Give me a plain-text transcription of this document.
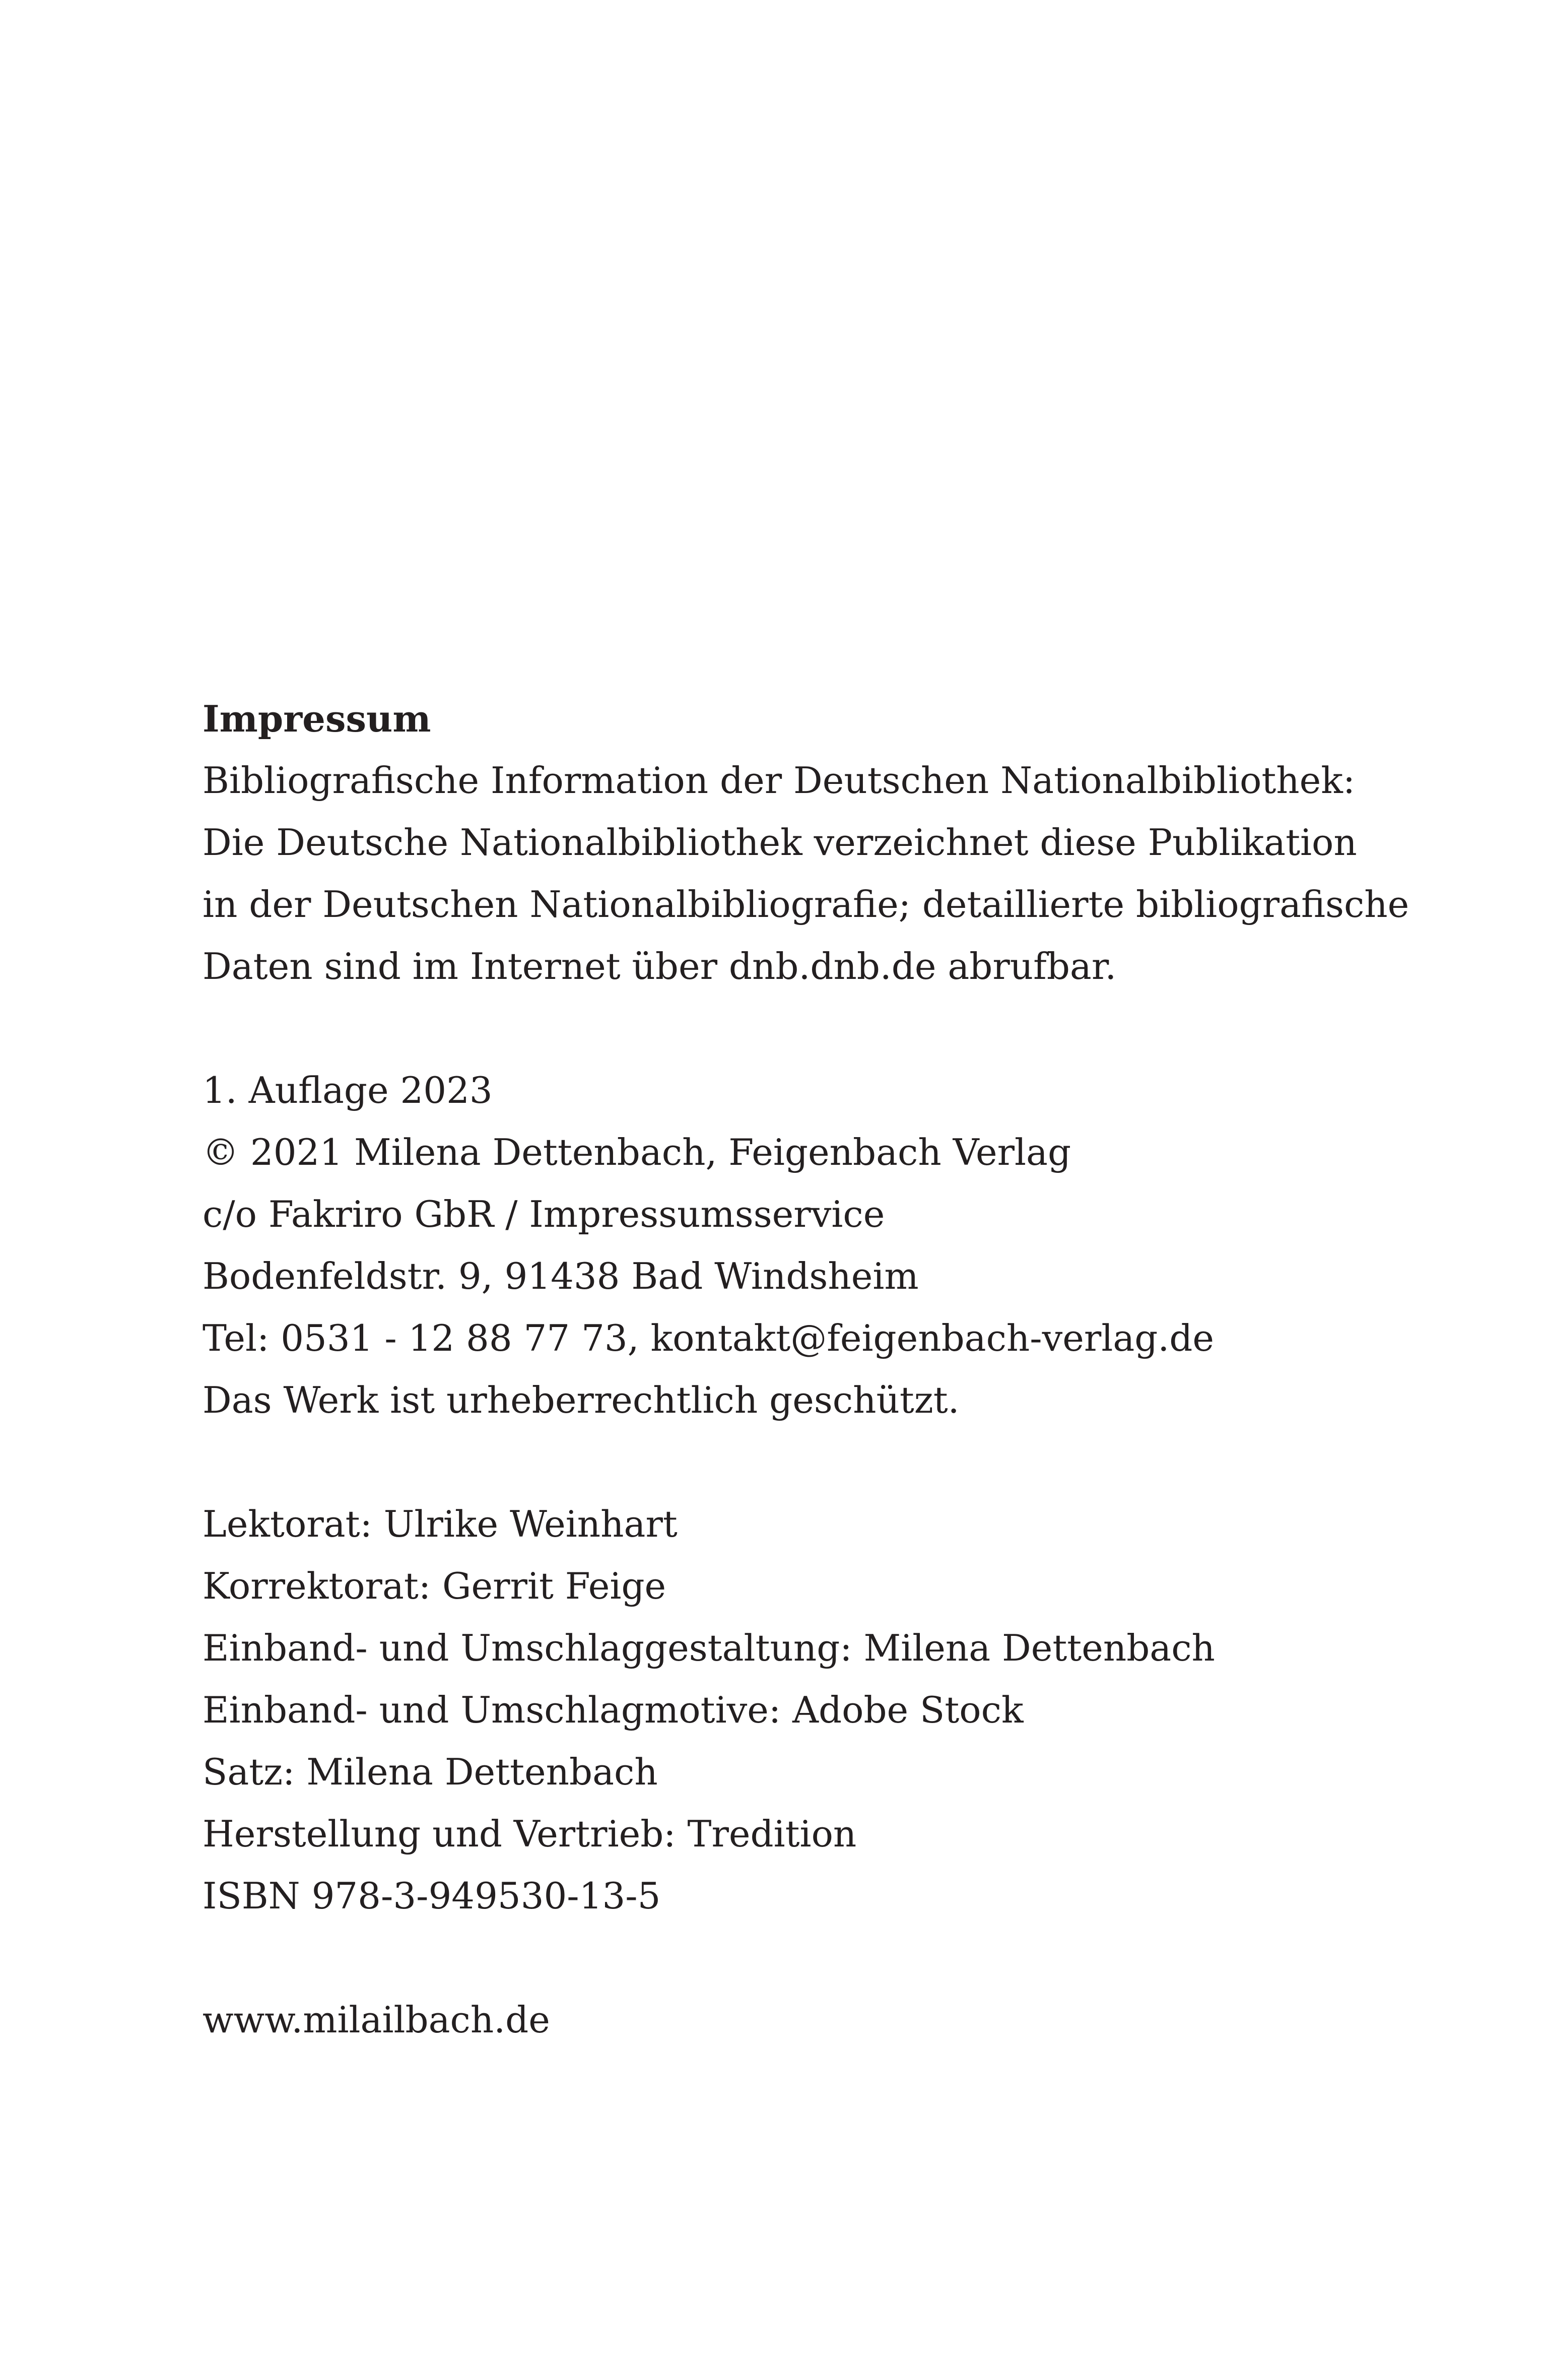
Impressum
Bibliografische Information der Deutschen Nationalbibliothek:
Die Deutsche Nationalbibliothek verzeichnet diese Publikation
in der Deutschen Nationalbibliografie; detaillierte bibliografische
Daten sind im Internet über dnb.dnb.de abrufbar.
1. Auflage 2023
© 2021 Milena Dettenbach, Feigenbach Verlag
c/o Fakriro GbR / Impressumsservice
Bodenfeldstr. 9, 91438 Bad Windsheim
Tel: 0531 - 12 88 77 73, kontakt@feigenbach-verlag.de
Das Werk ist urheberrechtlich geschützt.
Lektorat: Ulrike Weinhart
Korrektorat: Gerrit Feige
Einband- und Umschlaggestaltung: Milena Dettenbach
Einband- und Umschlagmotive: Adobe Stock
Satz: Milena Dettenbach
Herstellung und Vertrieb: Tredition
ISBN 978-3-949530-13-5
www.milailbach.de
